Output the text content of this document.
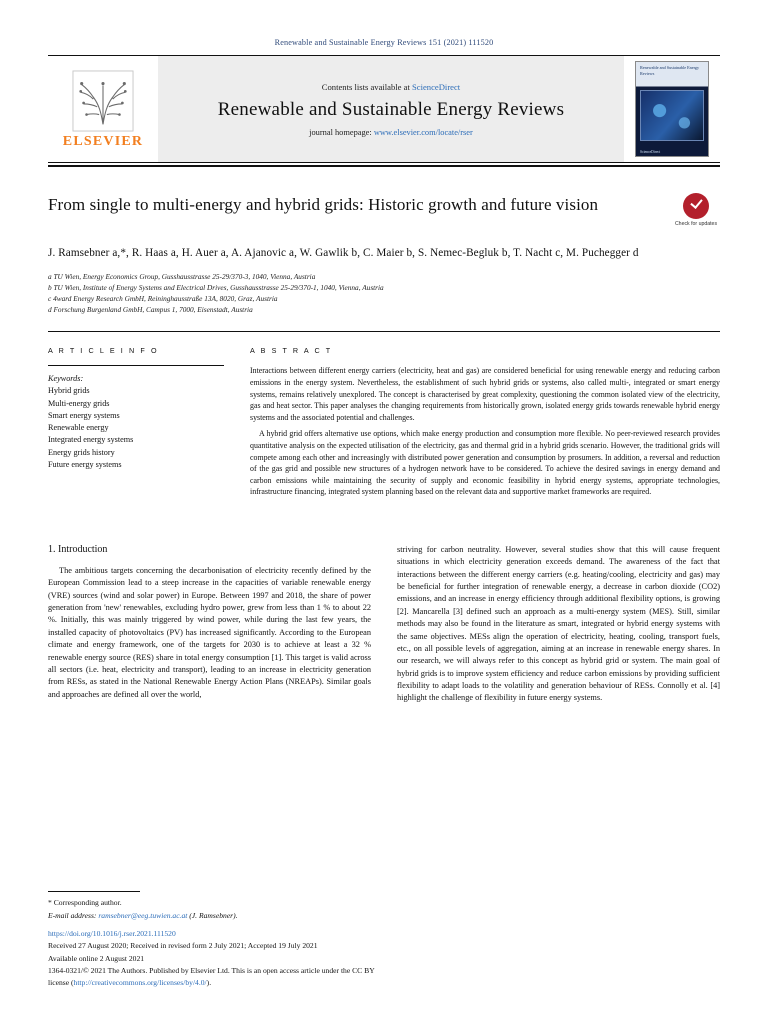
Renewable and Sustainable Energy Reviews 151 (2021) 111520
ELSEVIER
Contents lists available at ScienceDirect
Renewable and Sustainable Energy Reviews
journal homepage: www.elsevier.com/locate/rser
Renewable and Sustainable Energy Reviews
ScienceDirect
From single to multi-energy and hybrid grids: Historic growth and future vision
Check for updates
J. Ramsebner a,*, R. Haas a, H. Auer a, A. Ajanovic a, W. Gawlik b, C. Maier b, S. Nemec-Begluk b, T. Nacht c, M. Puchegger d
a TU Wien, Energy Economics Group, Gusshausstrasse 25-29/370-3, 1040, Vienna, Austria
b TU Wien, Institute of Energy Systems and Electrical Drives, Gusshausstrasse 25-29/370-1, 1040, Vienna, Austria
c 4ward Energy Research GmbH, Reininghausstraße 13A, 8020, Graz, Austria
d Forschung Burgenland GmbH, Campus 1, 7000, Eisenstadt, Austria
A R T I C L E I N F O
Keywords:
Hybrid grids
Multi-energy grids
Smart energy systems
Renewable energy
Integrated energy systems
Energy grids history
Future energy systems
A B S T R A C T

Interactions between different energy carriers (electricity, heat and gas) are considered beneficial for using renewable energy and reducing carbon emissions in the energy system. Nevertheless, the establishment of such hybrid grids or systems, also called multi-, integrated or smart energy systems, remains relatively unexplored. The concept is characterised by great complexity, questioning the common isolated view of the electricity, gas and heat sector. This paper analyses the changing requirements from historically grown, isolated energy grids towards renewable hybrid energy systems and the associated potential and challenges.

A hybrid grid offers alternative use options, which make energy production and consumption more flexible. No peer-reviewed research provides quantitative analysis on the expected utilisation of the electricity, gas and thermal grid in a hybrid grids scenario. However, the traditional grids will compete among each other and increasingly with distributed power generation and consumption by prosumers. In addition, a reversal and reduction of the gas grid and possible new structures of a hydrogen network have to be considered. To achieve the desired savings in energy demand and carbon emissions while maintaining the security of supply and economic feasibility in hybrid energy systems, appropriate technologies, infrastructure financing, integrated system planning based on the relevant data and supportive market frameworks are required.

1. Introduction

The ambitious targets concerning the decarbonisation of electricity recently defined by the European Commission lead to a steep increase in the capacities of variable renewable energy (VRE) sources (wind and solar power) in Europe. Between 1997 and 2018, the share of power generation from 'new' renewables, excluding hydro power, grew from less than 1 % to about 22 %. Initially, this was mainly triggered by wind power, while during the last few years, the installed capacity of photovoltaics (PV) has increased significantly. According to the European climate and energy framework, one of the targets for 2030 is to achieve at least a 32 % renewable energy source (RES) share in total energy consumption [1]. This target is valid across all sectors (i.e. heat, electricity and transport), leading to an increase in electricity generation from RESs, as stated in the National Renewable Energy Action Plans (NREAPs). Similar goals and approaches are defined all over the world,

striving for carbon neutrality. However, several studies show that this will cause frequent situations in which electricity generation exceeds demand. The awareness of the fact that interactions between the different energy carriers (e.g. heating/cooling, electricity and gas) may be beneficial for further integration of renewable energy, a decrease in carbon dioxide (CO2) emissions, and an increase in energy efficiency through additional flexibility options, is growing [2]. Mancarella [3] defined such an approach as a multi-energy system (MES). Still, similar methods may also be found in the literature as smart, integrated or hybrid energy systems with the same objectives. MESs align the operation of electricity, heating, cooling, transport fuels, etc., on all possible levels of aggregation, aiming at an increase in renewable energy shares. In our research, we will always refer to this concept as hybrid grid or system. The main goal of hybrid grids is to improve system efficiency and reduce carbon emissions by providing sufficient flexibility to adapt loads to the volatility and generation behaviour of RESs. Connolly et al. [4] highlight the challenge of flexibility in future energy systems.

* Corresponding author.
E-mail address: ramsebner@eeg.tuwien.ac.at (J. Ramsebner).
https://doi.org/10.1016/j.rser.2021.111520
Received 27 August 2020; Received in revised form 2 July 2021; Accepted 19 July 2021
Available online 2 August 2021
1364-0321/© 2021 The Authors. Published by Elsevier Ltd. This is an open access article under the CC BY license (http://creativecommons.org/licenses/by/4.0/).
